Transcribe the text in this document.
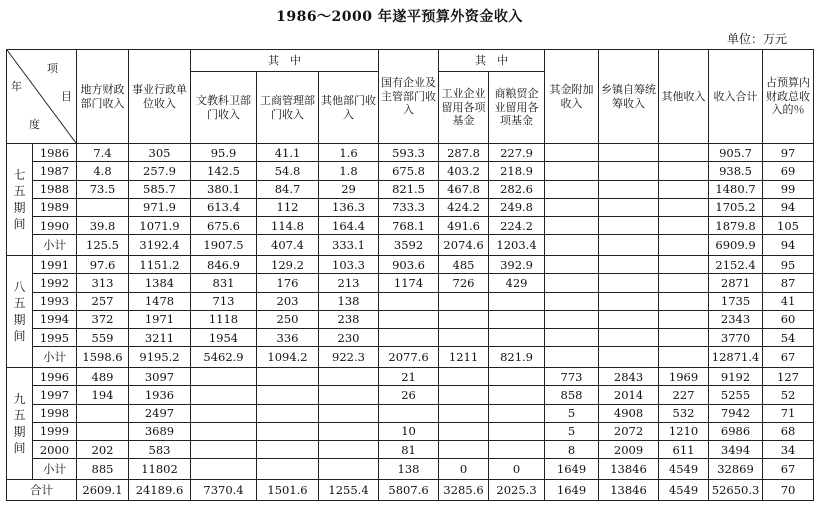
1986～2000 年遂平预算外资金收入
单位：万元
项
目
年
度		地方财政部门收入	事业行政单位收入	其　中			国有企业及主管部门收入	其　中		其金附加收入	乡镇自筹统筹收入	其他收入	收入合计	占预算内财政总收入的％
				文教科卫部门收入	工商管理部门收入	其他部门收入		工业企业留用各项基金	商粮贸企业留用各项基金					

七
五
期
间	1986	7.4	305	95.9	41.1	1.6	593.3	287.8	227.9				905.7	97
	1987	4.8	257.9	142.5	54.8	1.8	675.8	403.2	218.9				938.5	69
	1988	73.5	585.7	380.1	84.7	29	821.5	467.8	282.6				1480.7	99
	1989		971.9	613.4	112	136.3	733.3	424.2	249.8				1705.2	94
	1990	39.8	1071.9	675.6	114.8	164.4	768.1	491.6	224.2				1879.8	105
	小计	125.5	3192.4	1907.5	407.4	333.1	3592	2074.6	1203.4				6909.9	94

八
五
期
间	1991	97.6	1151.2	846.9	129.2	103.3	903.6	485	392.9				2152.4	95
	1992	313	1384	831	176	213	1174	726	429				2871	87
	1993	257	1478	713	203	138							1735	41
	1994	372	1971	1118	250	238							2343	60
	1995	559	3211	1954	336	230							3770	54
	小计	1598.6	9195.2	5462.9	1094.2	922.3	2077.6	1211	821.9				12871.4	67

九
五
期
间	1996	489	3097				21			773	2843	1969	9192	127
	1997	194	1936				26			858	2014	227	5255	52
	1998		2497							5	4908	532	7942	71
	1999		3689				10			5	2072	1210	6986	68
	2000	202	583				81			8	2009	611	3494	34
	小计	885	11802				138	0	0	1649	13846	4549	32869	67
合计		2609.1	24189.6	7370.4	1501.6	1255.4	5807.6	3285.6	2025.3	1649	13846	4549	52650.3	70
